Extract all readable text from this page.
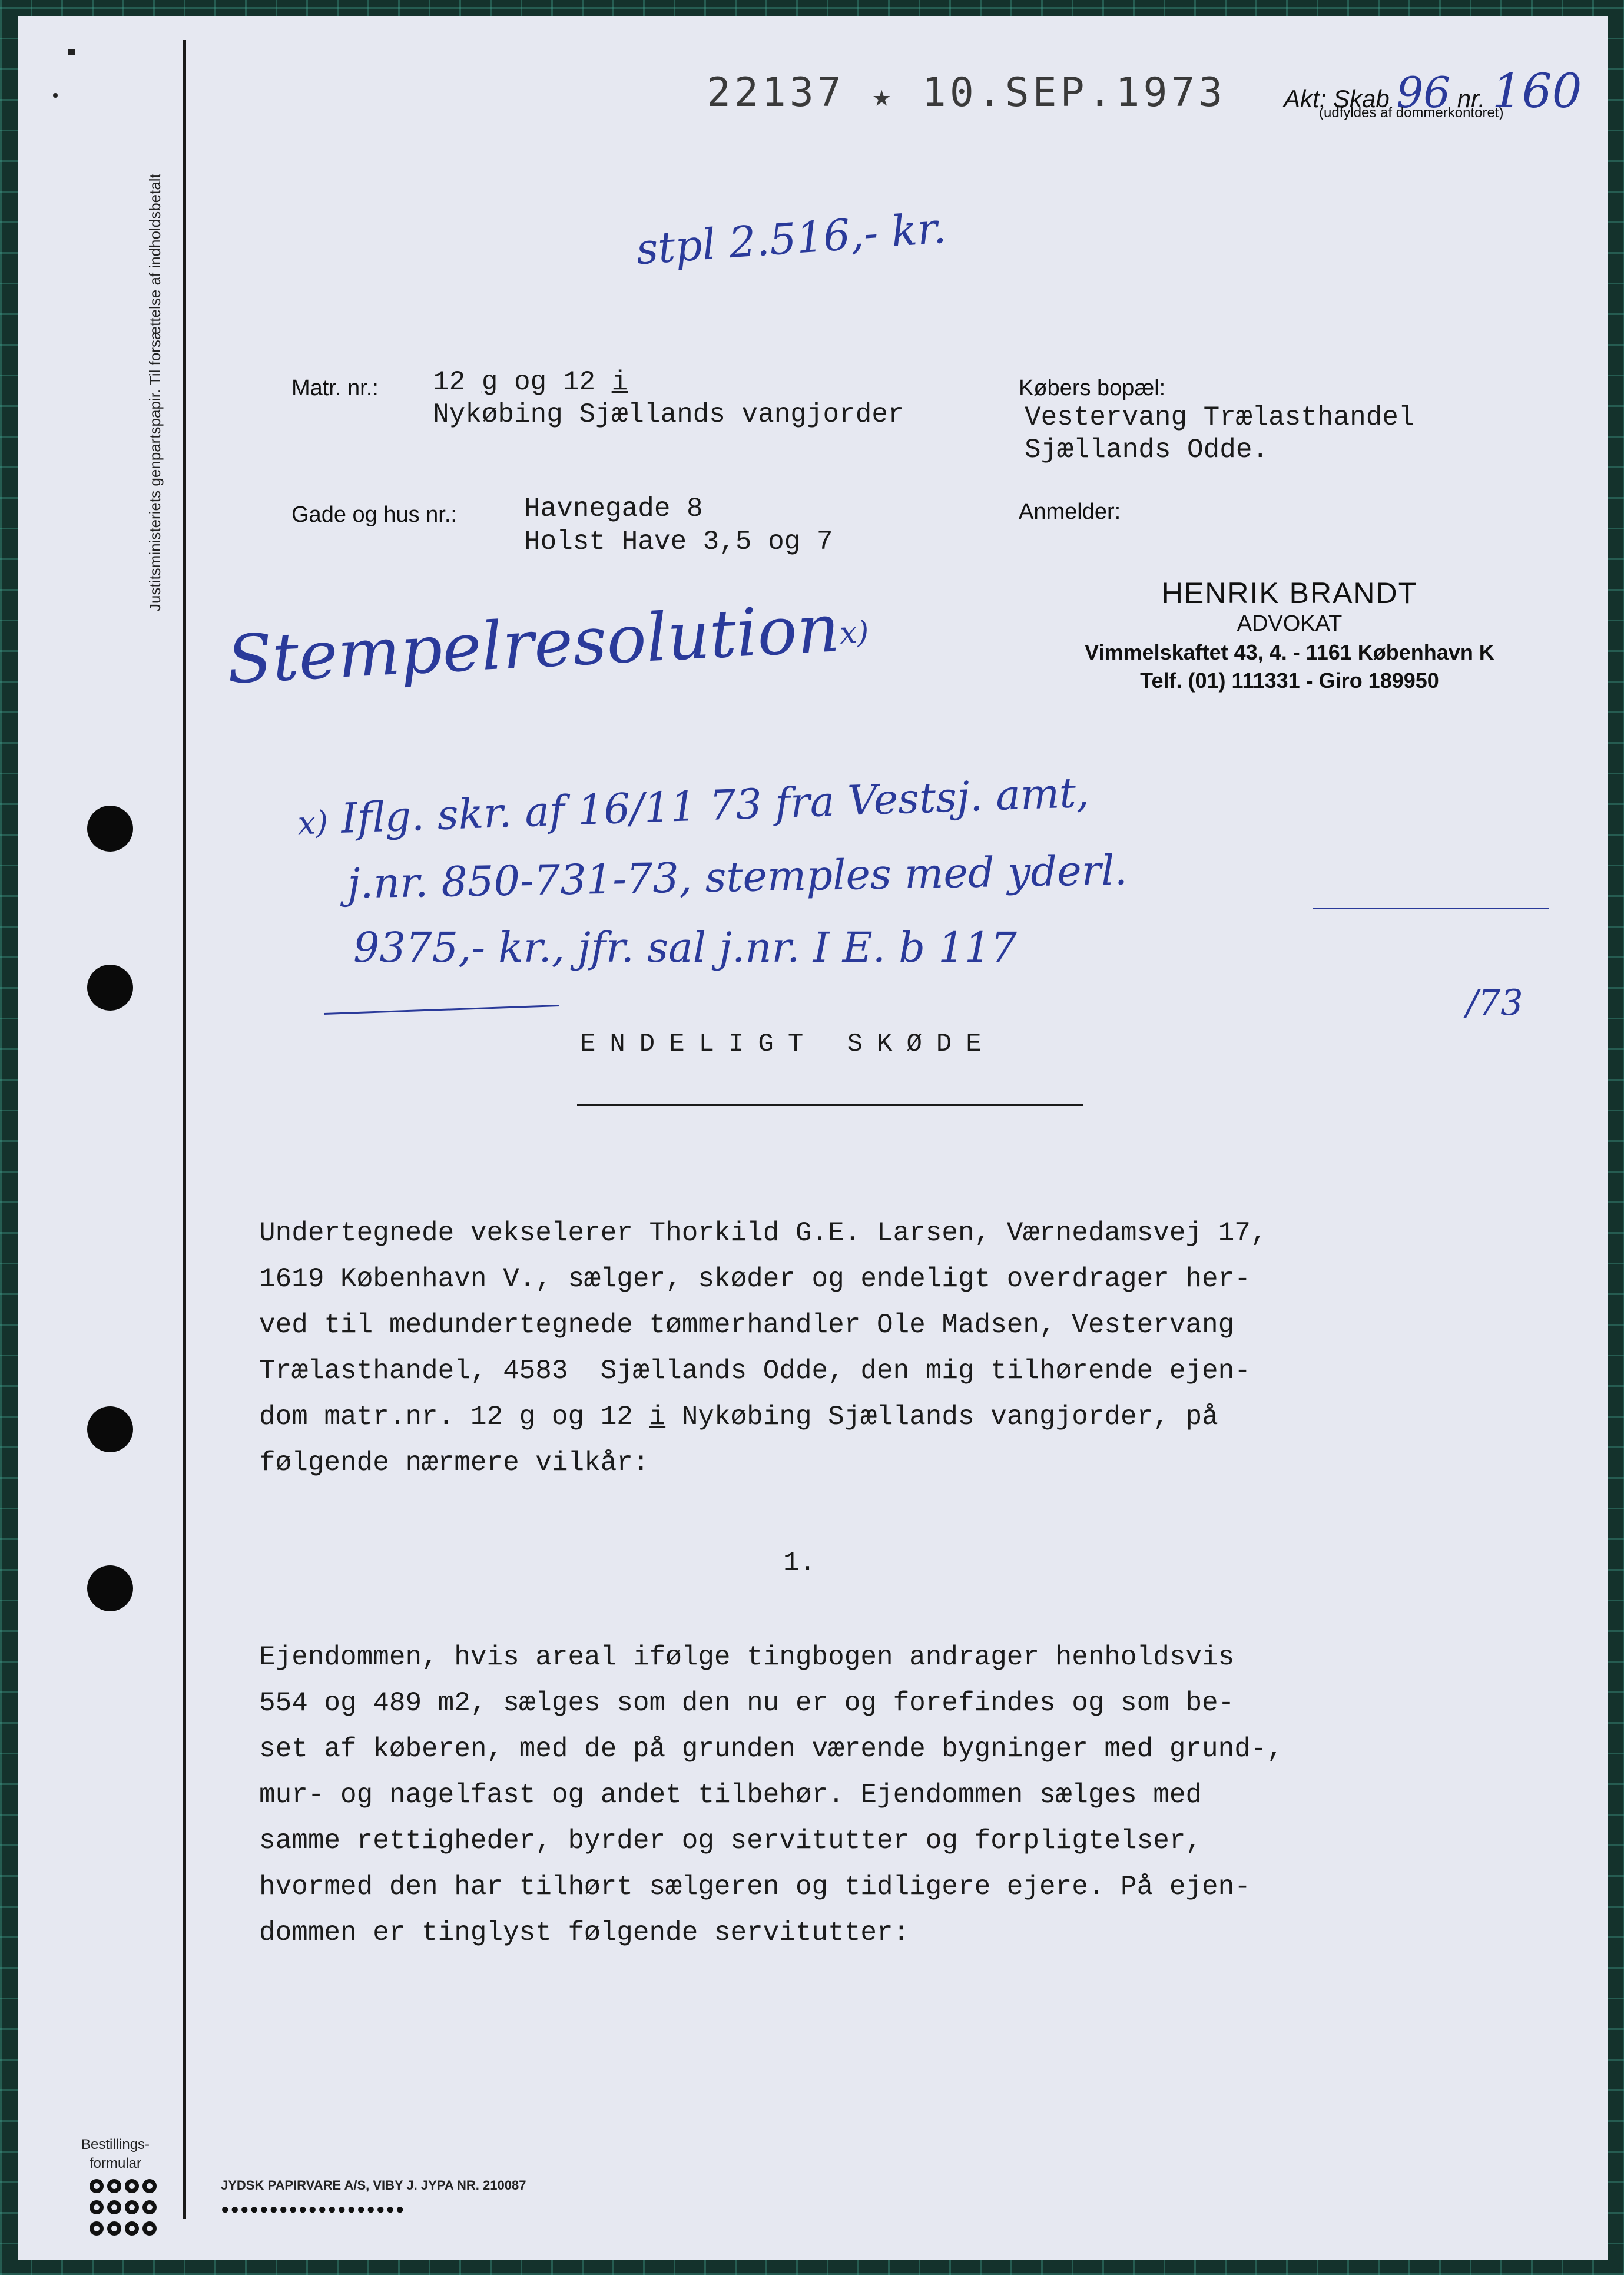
Justitsministeriets genpartspapir. Til forsættelse af indholdsbetalt
Bestillings-
formular
22137 ★ 10.SEP.1973 Akt: Skab 96 nr. 160
(udfyldes af dommerkontoret)
stpl 2.516,- kr.
Matr. nr.: 12 g og 12 i
Nykøbing Sjællands vangjorder
Gade og hus nr.: Havnegade 8
Holst Have 3,5 og 7
Købers bopæl:
Vestervang Trælasthandel
Sjællands Odde.
Anmelder:
HENRIK BRANDT
ADVOKAT
Vimmelskaftet 43, 4. - 1161 København K
Telf. (01) 111331 - Giro 189950
Stempelresolutionx)
x) Iflg. skr. af 16/11 73 fra Vestsj. amt,
j.nr. 850-731-73, stemples med yderl.
9375,- kr., jfr. sal j.nr. I E. b 117
/73
ENDELIGT SKØDE
Undertegnede vekselerer Thorkild G.E. Larsen, Værnedamsvej 17,
1619 København V., sælger, skøder og endeligt overdrager her-
ved til medundertegnede tømmerhandler Ole Madsen, Vestervang
Trælasthandel, 4583  Sjællands Odde, den mig tilhørende ejen-
dom matr.nr. 12 g og 12 i Nykøbing Sjællands vangjorder, på
følgende nærmere vilkår:
1.
Ejendommen, hvis areal ifølge tingbogen andrager henholdsvis
554 og 489 m2, sælges som den nu er og forefindes og som be-
set af køberen, med de på grunden værende bygninger med grund-,
mur- og nagelfast og andet tilbehør. Ejendommen sælges med
samme rettigheder, byrder og servitutter og forpligtelser,
hvormed den har tilhørt sælgeren og tidligere ejere. På ejen-
dommen er tinglyst følgende servitutter:
JYDSK PAPIRVARE A/S, VIBY J. JYPA NR. 210087
●●●●●●●●●●●●●●●●●●●
